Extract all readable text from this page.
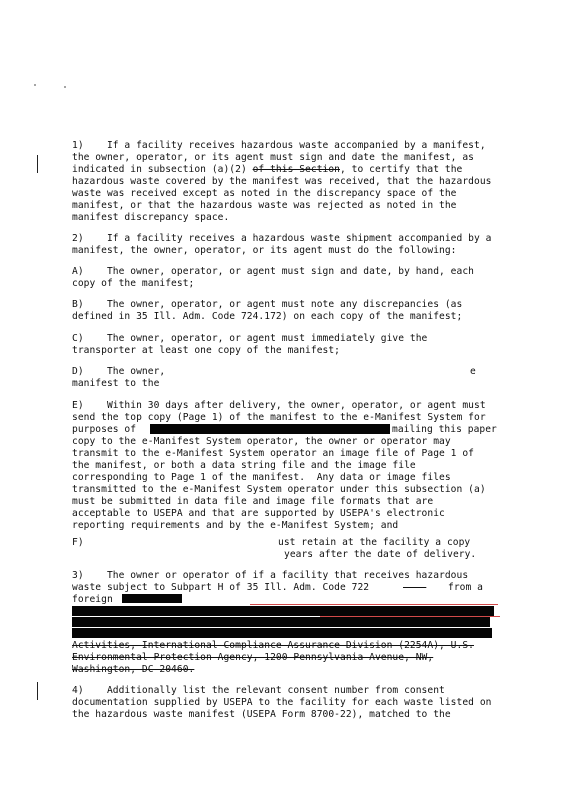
1)    If a facility receives hazardous waste accompanied by a manifest,
the owner, operator, or its agent must sign and date the manifest, as
indicated in subsection (a)(2) of this Section, to certify that the
hazardous waste covered by the manifest was received, that the hazardous
waste was received except as noted in the discrepancy space of the
manifest, or that the hazardous waste was rejected as noted in the
manifest discrepancy space.
2)    If a facility receives a hazardous waste shipment accompanied by a
manifest, the owner, operator, or its agent must do the following:
A)    The owner, operator, or agent must sign and date, by hand, each
copy of the manifest;
B)    The owner, operator, or agent must note any discrepancies (as
defined in 35 Ill. Adm. Code 724.172) on each copy of the manifest;
C)    The owner, operator, or agent must immediately give the
transporter at least one copy of the manifest;
D)    The owner,
manifest to the
e
E)    Within 30 days after delivery, the owner, operator, or agent must
send the top copy (Page 1) of the manifest to the e-Manifest System for
purposes of	mailing this paper
copy to the e-Manifest System operator, the owner or operator may
transmit to the e-Manifest System operator an image file of Page 1 of
the manifest, or both a data string file and the image file
corresponding to Page 1 of the manifest.  Any data or image files
transmitted to the e-Manifest System operator under this subsection (a)
must be submitted in data file and image file formats that are
acceptable to USEPA and that are supported by USEPA's electronic
reporting requirements and by the e-Manifest System; and
F)	ust retain at the facility a copy
years after the date of delivery.
3)    The owner or operator of if a facility that receives hazardous
waste subject to Subpart H of 35 Ill. Adm. Code 722
	from a
foreign
Activities, International Compliance Assurance Division (2254A), U.S.
Environmental Protection Agency, 1200 Pennsylvania Avenue, NW,
Washington, DC 20460.
4)    Additionally list the relevant consent number from consent
documentation supplied by USEPA to the facility for each waste listed on
the hazardous waste manifest (USEPA Form 8700-22), matched to the
